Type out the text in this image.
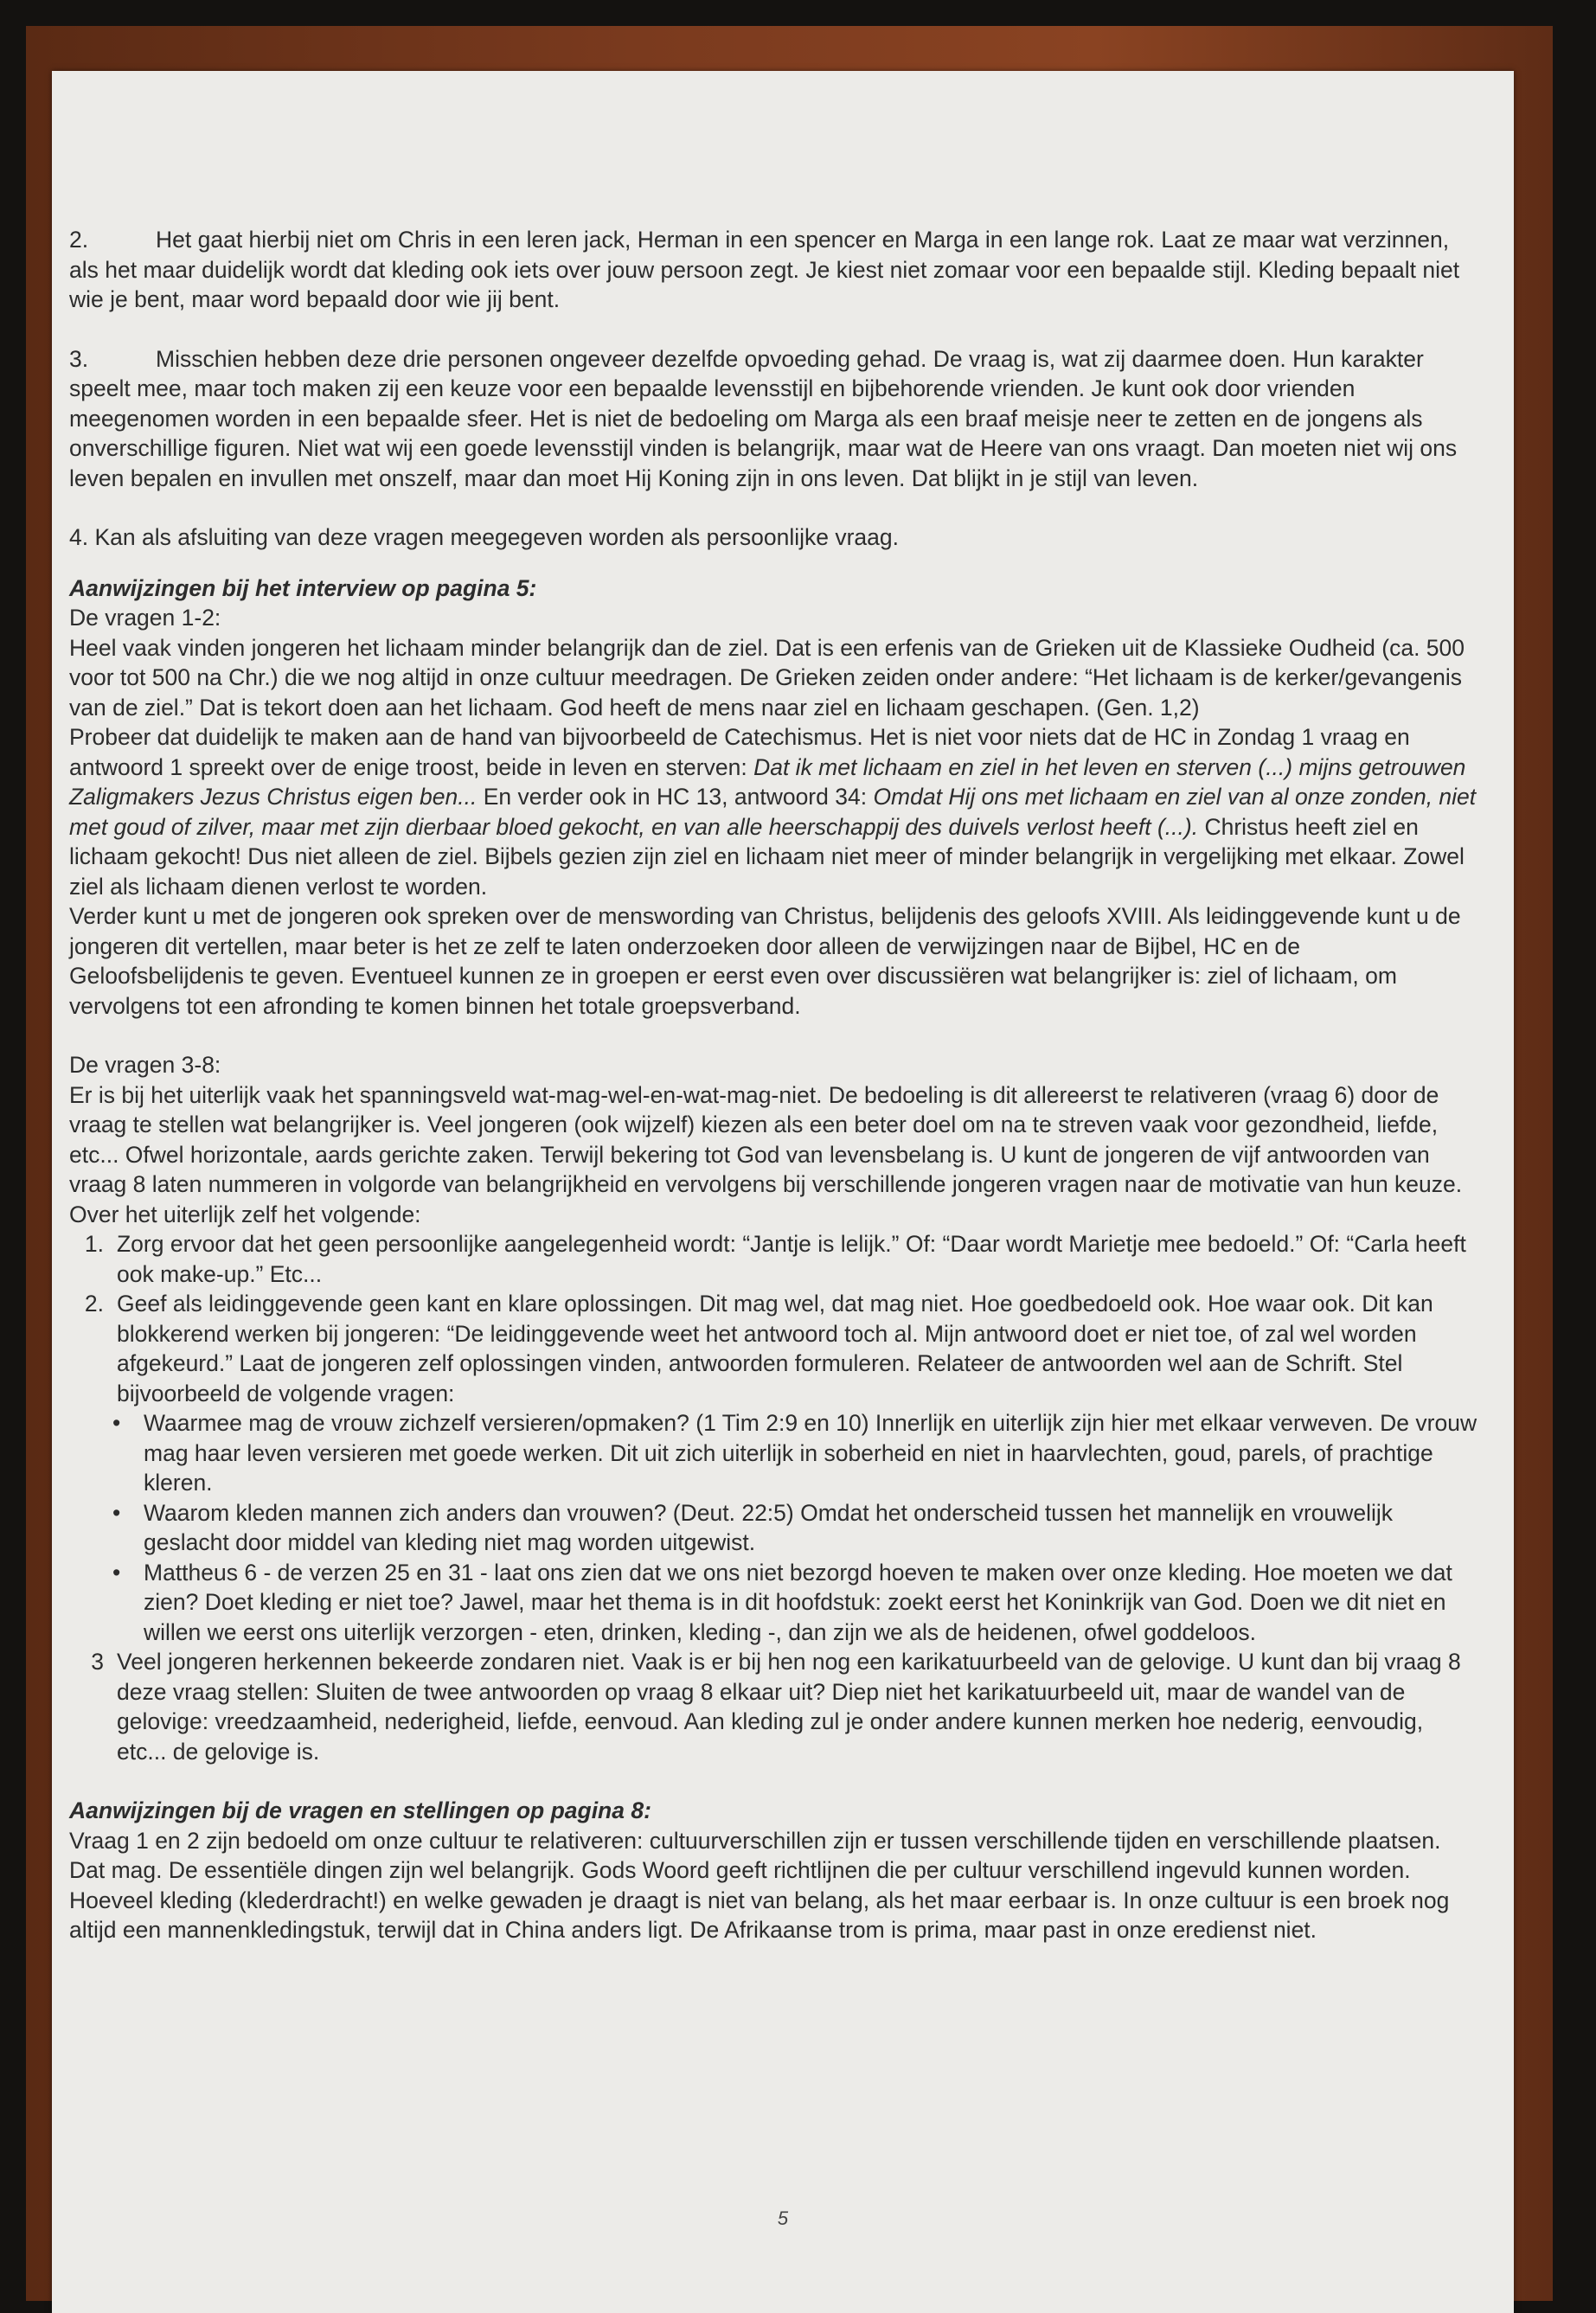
2.	Het gaat hierbij niet om Chris in een leren jack, Herman in een spencer en Marga in een lange rok. Laat ze maar wat verzinnen, als het maar duidelijk wordt dat kleding ook iets over jouw persoon zegt. Je kiest niet zomaar voor een bepaalde stijl. Kleding bepaalt niet wie je bent, maar word bepaald door wie jij bent.

3.	Misschien hebben deze drie personen ongeveer dezelfde opvoeding gehad. De vraag is, wat zij daarmee doen. Hun karakter speelt mee, maar toch maken zij een keuze voor een bepaalde levensstijl en bijbehorende vrienden. Je kunt ook door vrienden meegenomen worden in een bepaalde sfeer. Het is niet de bedoeling om Marga als een braaf meisje neer te zetten en de jongens als onverschillige figuren. Niet wat wij een goede levensstijl vinden is belangrijk, maar wat de Heere van ons vraagt. Dan moeten niet wij ons leven bepalen en invullen met onszelf, maar dan moet Hij Koning zijn in ons leven. Dat blijkt in je stijl van leven.

4. Kan als afsluiting van deze vragen meegegeven worden als persoonlijke vraag.

Aanwijzingen bij het interview op pagina 5:

De vragen 1-2:

Heel vaak vinden jongeren het lichaam minder belangrijk dan de ziel. Dat is een erfenis van de Grieken uit de Klassieke Oudheid (ca. 500 voor tot 500 na Chr.) die we nog altijd in onze cultuur meedragen. De Grieken zeiden onder andere: “Het lichaam is de kerker/gevangenis van de ziel.” Dat is tekort doen aan het lichaam. God heeft de mens naar ziel en lichaam geschapen. (Gen. 1,2)

Probeer dat duidelijk te maken aan de hand van bijvoorbeeld de Catechismus. Het is niet voor niets dat de HC in Zondag 1 vraag en antwoord 1 spreekt over de enige troost, beide in leven en sterven: Dat ik met lichaam en ziel in het leven en sterven (...) mijns getrouwen Zaligmakers Jezus Christus eigen ben... En verder ook in HC 13, antwoord 34: Omdat Hij ons met lichaam en ziel van al onze zonden, niet met goud of zilver, maar met zijn dierbaar bloed gekocht, en van alle heerschappij des duivels verlost heeft (...). Christus heeft ziel en lichaam gekocht! Dus niet alleen de ziel. Bijbels gezien zijn ziel en lichaam niet meer of minder belangrijk in vergelijking met elkaar. Zowel ziel als lichaam dienen verlost te worden.

Verder kunt u met de jongeren ook spreken over de menswording van Christus, belijdenis des geloofs XVIII. Als leidinggevende kunt u de jongeren dit vertellen, maar beter is het ze zelf te laten onderzoeken door alleen de verwijzingen naar de Bijbel, HC en de Geloofsbelijdenis te geven. Eventueel kunnen ze in groepen er eerst even over discussiëren wat belangrijker is: ziel of lichaam, om vervolgens tot een afronding te komen binnen het totale groepsverband.

De vragen 3-8:

Er is bij het uiterlijk vaak het spanningsveld wat-mag-wel-en-wat-mag-niet. De bedoeling is dit allereerst te relativeren (vraag 6) door de vraag te stellen wat belangrijker is. Veel jongeren (ook wijzelf) kiezen als een beter doel om na te streven vaak voor gezondheid, liefde, etc... Ofwel horizontale, aards gerichte zaken. Terwijl bekering tot God van levensbelang is. U kunt de jongeren de vijf antwoorden van vraag 8 laten nummeren in volgorde van belangrijkheid en vervolgens bij verschillende jongeren vragen naar de motivatie van hun keuze.

Over het uiterlijk zelf het volgende:

1. Zorg ervoor dat het geen persoonlijke aangelegenheid wordt: “Jantje is lelijk.” Of: “Daar wordt Marietje mee bedoeld.” Of: “Carla heeft ook make-up.” Etc...
2. Geef als leidinggevende geen kant en klare oplossingen. Dit mag wel, dat mag niet. Hoe goedbedoeld ook. Hoe waar ook. Dit kan blokkerend werken bij jongeren: “De leidinggevende weet het antwoord toch al. Mijn antwoord doet er niet toe, of zal wel worden afgekeurd.” Laat de jongeren zelf oplossingen vinden, antwoorden formuleren. Relateer de antwoorden wel aan de Schrift. Stel bijvoorbeeld de volgende vragen:
• Waarmee mag de vrouw zichzelf versieren/opmaken? (1 Tim 2:9 en 10) Innerlijk en uiterlijk zijn hier met elkaar verweven. De vrouw mag haar leven versieren met goede werken. Dit uit zich uiterlijk in soberheid en niet in haarvlechten, goud, parels, of prachtige kleren.
• Waarom kleden mannen zich anders dan vrouwen? (Deut. 22:5) Omdat het onderscheid tussen het mannelijk en vrouwelijk geslacht door middel van kleding niet mag worden uitgewist.
• Mattheus 6 - de verzen 25 en 31 - laat ons zien dat we ons niet bezorgd hoeven te maken over onze kleding. Hoe moeten we dat zien? Doet kleding er niet toe? Jawel, maar het thema is in dit hoofdstuk: zoekt eerst het Koninkrijk van God. Doen we dit niet en willen we eerst ons uiterlijk verzorgen - eten, drinken, kleding -, dan zijn we als de heidenen, ofwel goddeloos.
3 Veel jongeren herkennen bekeerde zondaren niet. Vaak is er bij hen nog een karikatuurbeeld van de gelovige. U kunt dan bij vraag 8 deze vraag stellen: Sluiten de twee antwoorden op vraag 8 elkaar uit? Diep niet het karikatuurbeeld uit, maar de wandel van de gelovige: vreedzaamheid, nederigheid, liefde, eenvoud. Aan kleding zul je onder andere kunnen merken hoe nederig, eenvoudig, etc... de gelovige is.

Aanwijzingen bij de vragen en stellingen op pagina 8:

Vraag 1 en 2 zijn bedoeld om onze cultuur te relativeren: cultuurverschillen zijn er tussen verschillende tijden en verschillende plaatsen. Dat mag. De essentiële dingen zijn wel belangrijk. Gods Woord geeft richtlijnen die per cultuur verschillend ingevuld kunnen worden. Hoeveel kleding (klederdracht!) en welke gewaden je draagt is niet van belang, als het maar eerbaar is. In onze cultuur is een broek nog altijd een mannenkledingstuk, terwijl dat in China anders ligt. De Afrikaanse trom is prima, maar past in onze eredienst niet.

5
